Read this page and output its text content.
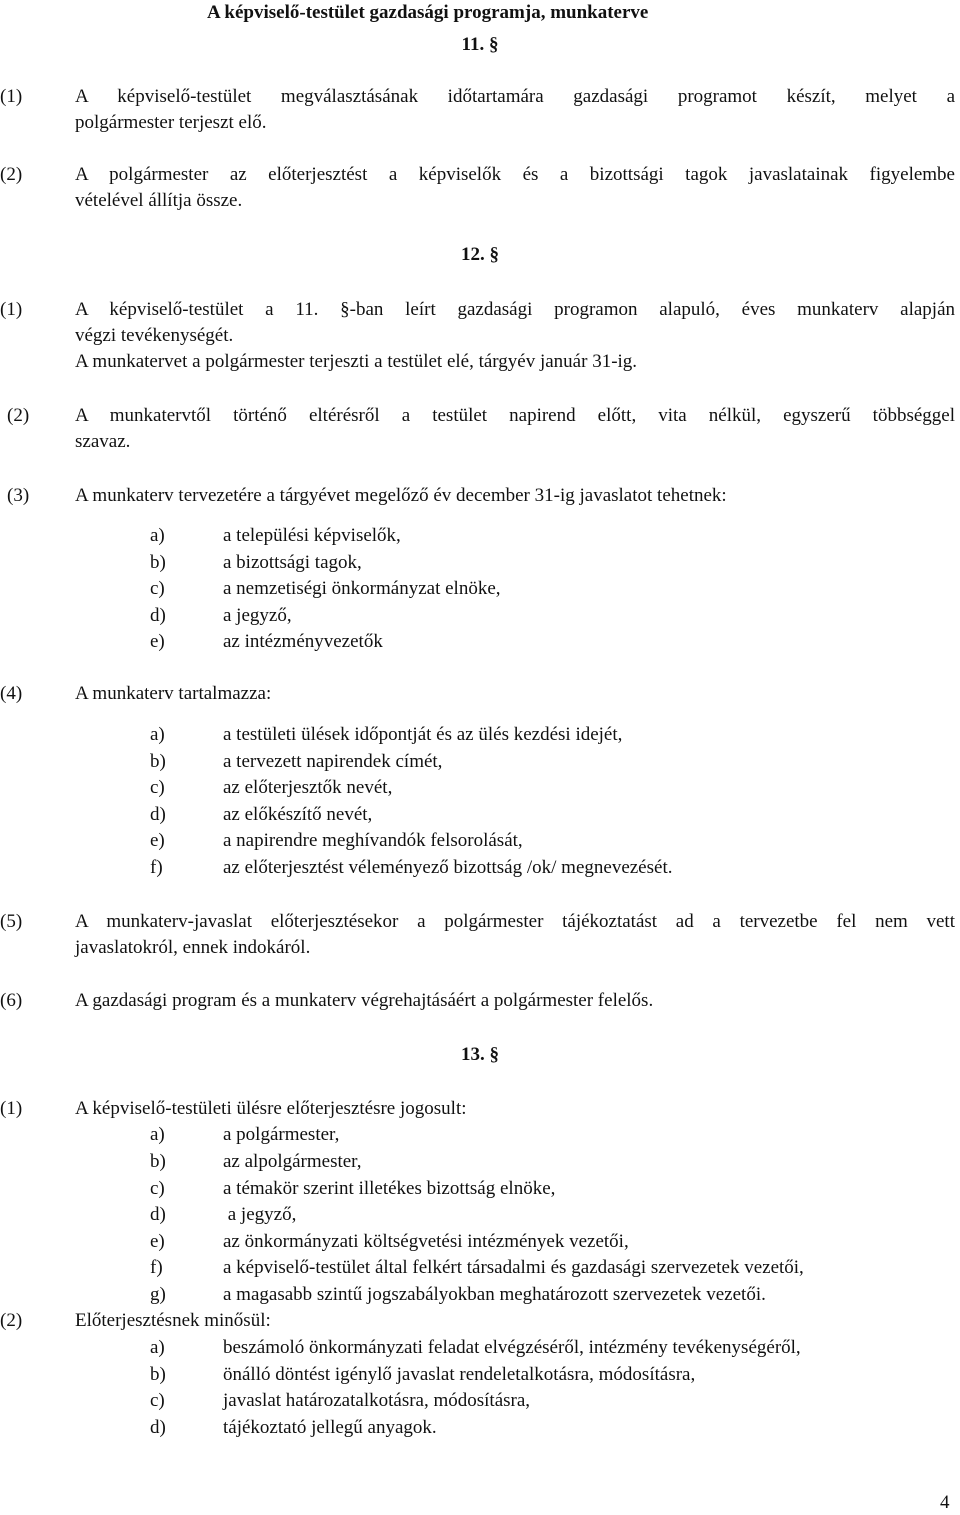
A képviselő-testület gazdasági programja, munkaterve
11. §
(1)	A képviselő-testület megválasztásának időtartamára gazdasági programot készít, melyet a
polgármester terjeszt elő.
(2)	A polgármester az előterjesztést a képviselők és a bizottsági tagok javaslatainak figyelembe
vételével állítja össze.
12. §
(1)	A képviselő-testület a 11. §-ban leírt gazdasági programon alapuló, éves munkaterv alapján
végzi tevékenységét.
A munkatervet a polgármester terjeszti a testület elé, tárgyév január 31-ig.
(2) A munkatervtől történő eltérésről a testület napirend előtt, vita nélkül, egyszerű többséggel
szavaz.
(3) A munkaterv tervezetére a tárgyévet megelőző év december 31-ig javaslatot tehetnek:
a)	a települési képviselők,
b)	a bizottsági tagok,
c)	a nemzetiségi önkormányzat elnöke,
d)	a jegyző,
e)	az intézményvezetők
(4)	A munkaterv tartalmazza:
a)	a testületi ülések időpontját és az ülés kezdési idejét,
b)	a tervezett napirendek címét,
c)	az előterjesztők nevét,
d)	az előkészítő nevét,
e)	a napirendre meghívandók felsorolását,
f)	az előterjesztést véleményező bizottság /ok/ megnevezését.
(5)	A munkaterv-javaslat előterjesztésekor a polgármester tájékoztatást ad a tervezetbe fel nem vett
javaslatokról, ennek indokáról.
(6)	A gazdasági program és a munkaterv végrehajtásáért a polgármester felelős.
13. §
(1)	A képviselő-testületi ülésre előterjesztésre jogosult:
a)	a polgármester,
b)	az alpolgármester,
c)	a témakör szerint illetékes bizottság elnöke,
d)	a jegyző,
e)	az önkormányzati költségvetési intézmények vezetői,
f)	a képviselő-testület által felkért társadalmi és gazdasági szervezetek vezetői,
g)	a magasabb szintű jogszabályokban meghatározott szervezetek vezetői.
(2)	Előterjesztésnek minősül:
a)	beszámoló önkormányzati feladat elvégzéséről, intézmény tevékenységéről,
b)	önálló döntést igénylő javaslat rendeletalkotásra, módosításra,
c)	javaslat határozatalkotásra, módosításra,
d)	tájékoztató jellegű anyagok.
4
